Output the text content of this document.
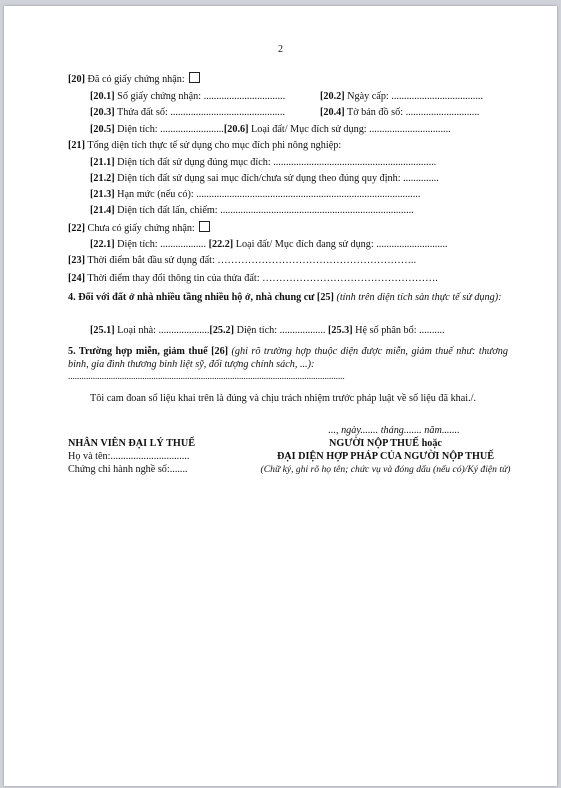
2
[20] Đã có giấy chứng nhận:
[20.1] Số giấy chứng nhận: ................................	[20.2] Ngày cấp: ....................................
[20.3] Thửa đất số: .............................................	[20.4] Tờ bản đồ số: .............................
[20.5] Diện tích: .........................[20.6] Loại đất/ Mục đích sử dụng: ................................
[21] Tổng diện tích thực tế sử dụng cho mục đích phi nông nghiệp:
[21.1] Diện tích đất sử dụng đúng mục đích: ................................................................
[21.2] Diện tích đất sử dụng sai mục đích/chưa sử dụng theo đúng quy định: ..............
[21.3] Hạn mức (nếu có): ........................................................................................
[21.4] Diện tích đất lấn, chiếm: ............................................................................
[22] Chưa có giấy chứng nhận:
[22.1] Diện tích: .................. [22.2] Loại đất/ Mục đích đang sử dụng: ............................
[23] Thời điểm bắt đầu sử dụng đất: …………………………………………………..
[24] Thời điểm thay đổi thông tin của thửa đất: …………………………………………….
4. Đối với đất ở nhà nhiều tầng nhiều hộ ở, nhà chung cư [25] (tính trên diện tích sàn thực tế sử dụng):
[25.1] Loại nhà: ....................[25.2] Diện tích: .................. [25.3] Hệ số phân bổ: ..........
5. Trường hợp miễn, giảm thuế [26] (ghi rõ trường hợp thuộc diện được miễn, giảm thuế như: thương binh, gia đình thương binh liệt sỹ, đối tượng chính sách, ...):
...........................................................................................................................
Tôi cam đoan số liệu khai trên là đúng và chịu trách nhiệm trước pháp luật về số liệu đã khai./.
..., ngày....... tháng....... năm.......
NHÂN VIÊN ĐẠI LÝ THUẾ
Họ và tên:...............................
Chứng chỉ hành nghề số:.......
NGƯỜI NỘP THUẾ hoặc
ĐẠI DIỆN HỢP PHÁP CỦA NGƯỜI NỘP THUẾ
(Chữ ký, ghi rõ họ tên; chức vụ và đóng dấu (nếu có)/Ký điện tử)
